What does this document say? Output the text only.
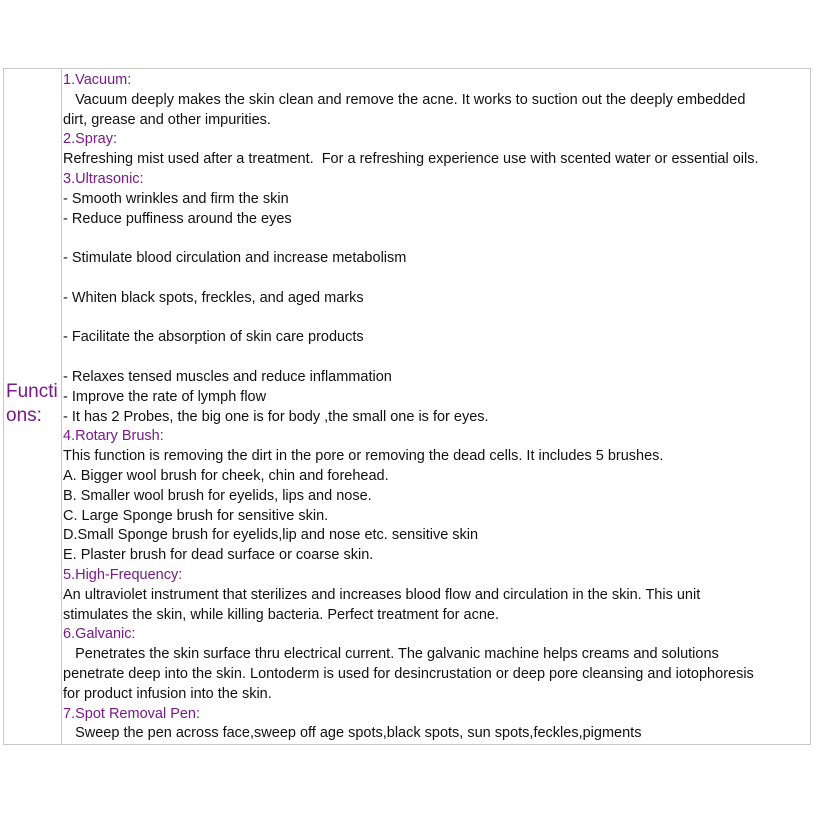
Functions:
1.Vacuum:
Vacuum deeply makes the skin clean and remove the acne. It works to suction out the deeply embedded
dirt, grease and other impurities.
2.Spray:
Refreshing mist used after a treatment.  For a refreshing experience use with scented water or essential oils.
3.Ultrasonic:
- Smooth wrinkles and firm the skin
- Reduce puffiness around the eyes
- Stimulate blood circulation and increase metabolism
- Whiten black spots, freckles, and aged marks
- Facilitate the absorption of skin care products
- Relaxes tensed muscles and reduce inflammation
- Improve the rate of lymph flow
- It has 2 Probes, the big one is for body ,the small one is for eyes.
4.Rotary Brush:
This function is removing the dirt in the pore or removing the dead cells. It includes 5 brushes.
A. Bigger wool brush for cheek, chin and forehead.
B. Smaller wool brush for eyelids, lips and nose.
C. Large Sponge brush for sensitive skin.
D.Small Sponge brush for eyelids,lip and nose etc. sensitive skin
E. Plaster brush for dead surface or coarse skin.
5.High-Frequency:
An ultraviolet instrument that sterilizes and increases blood flow and circulation in the skin. This unit
stimulates the skin, while killing bacteria. Perfect treatment for acne.
6.Galvanic:
Penetrates the skin surface thru electrical current. The galvanic machine helps creams and solutions
penetrate deep into the skin. Lontoderm is used for desincrustation or deep pore cleansing and iotophoresis
for product infusion into the skin.
7.Spot Removal Pen:
Sweep the pen across face,sweep off age spots,black spots, sun spots,feckles,pigments
